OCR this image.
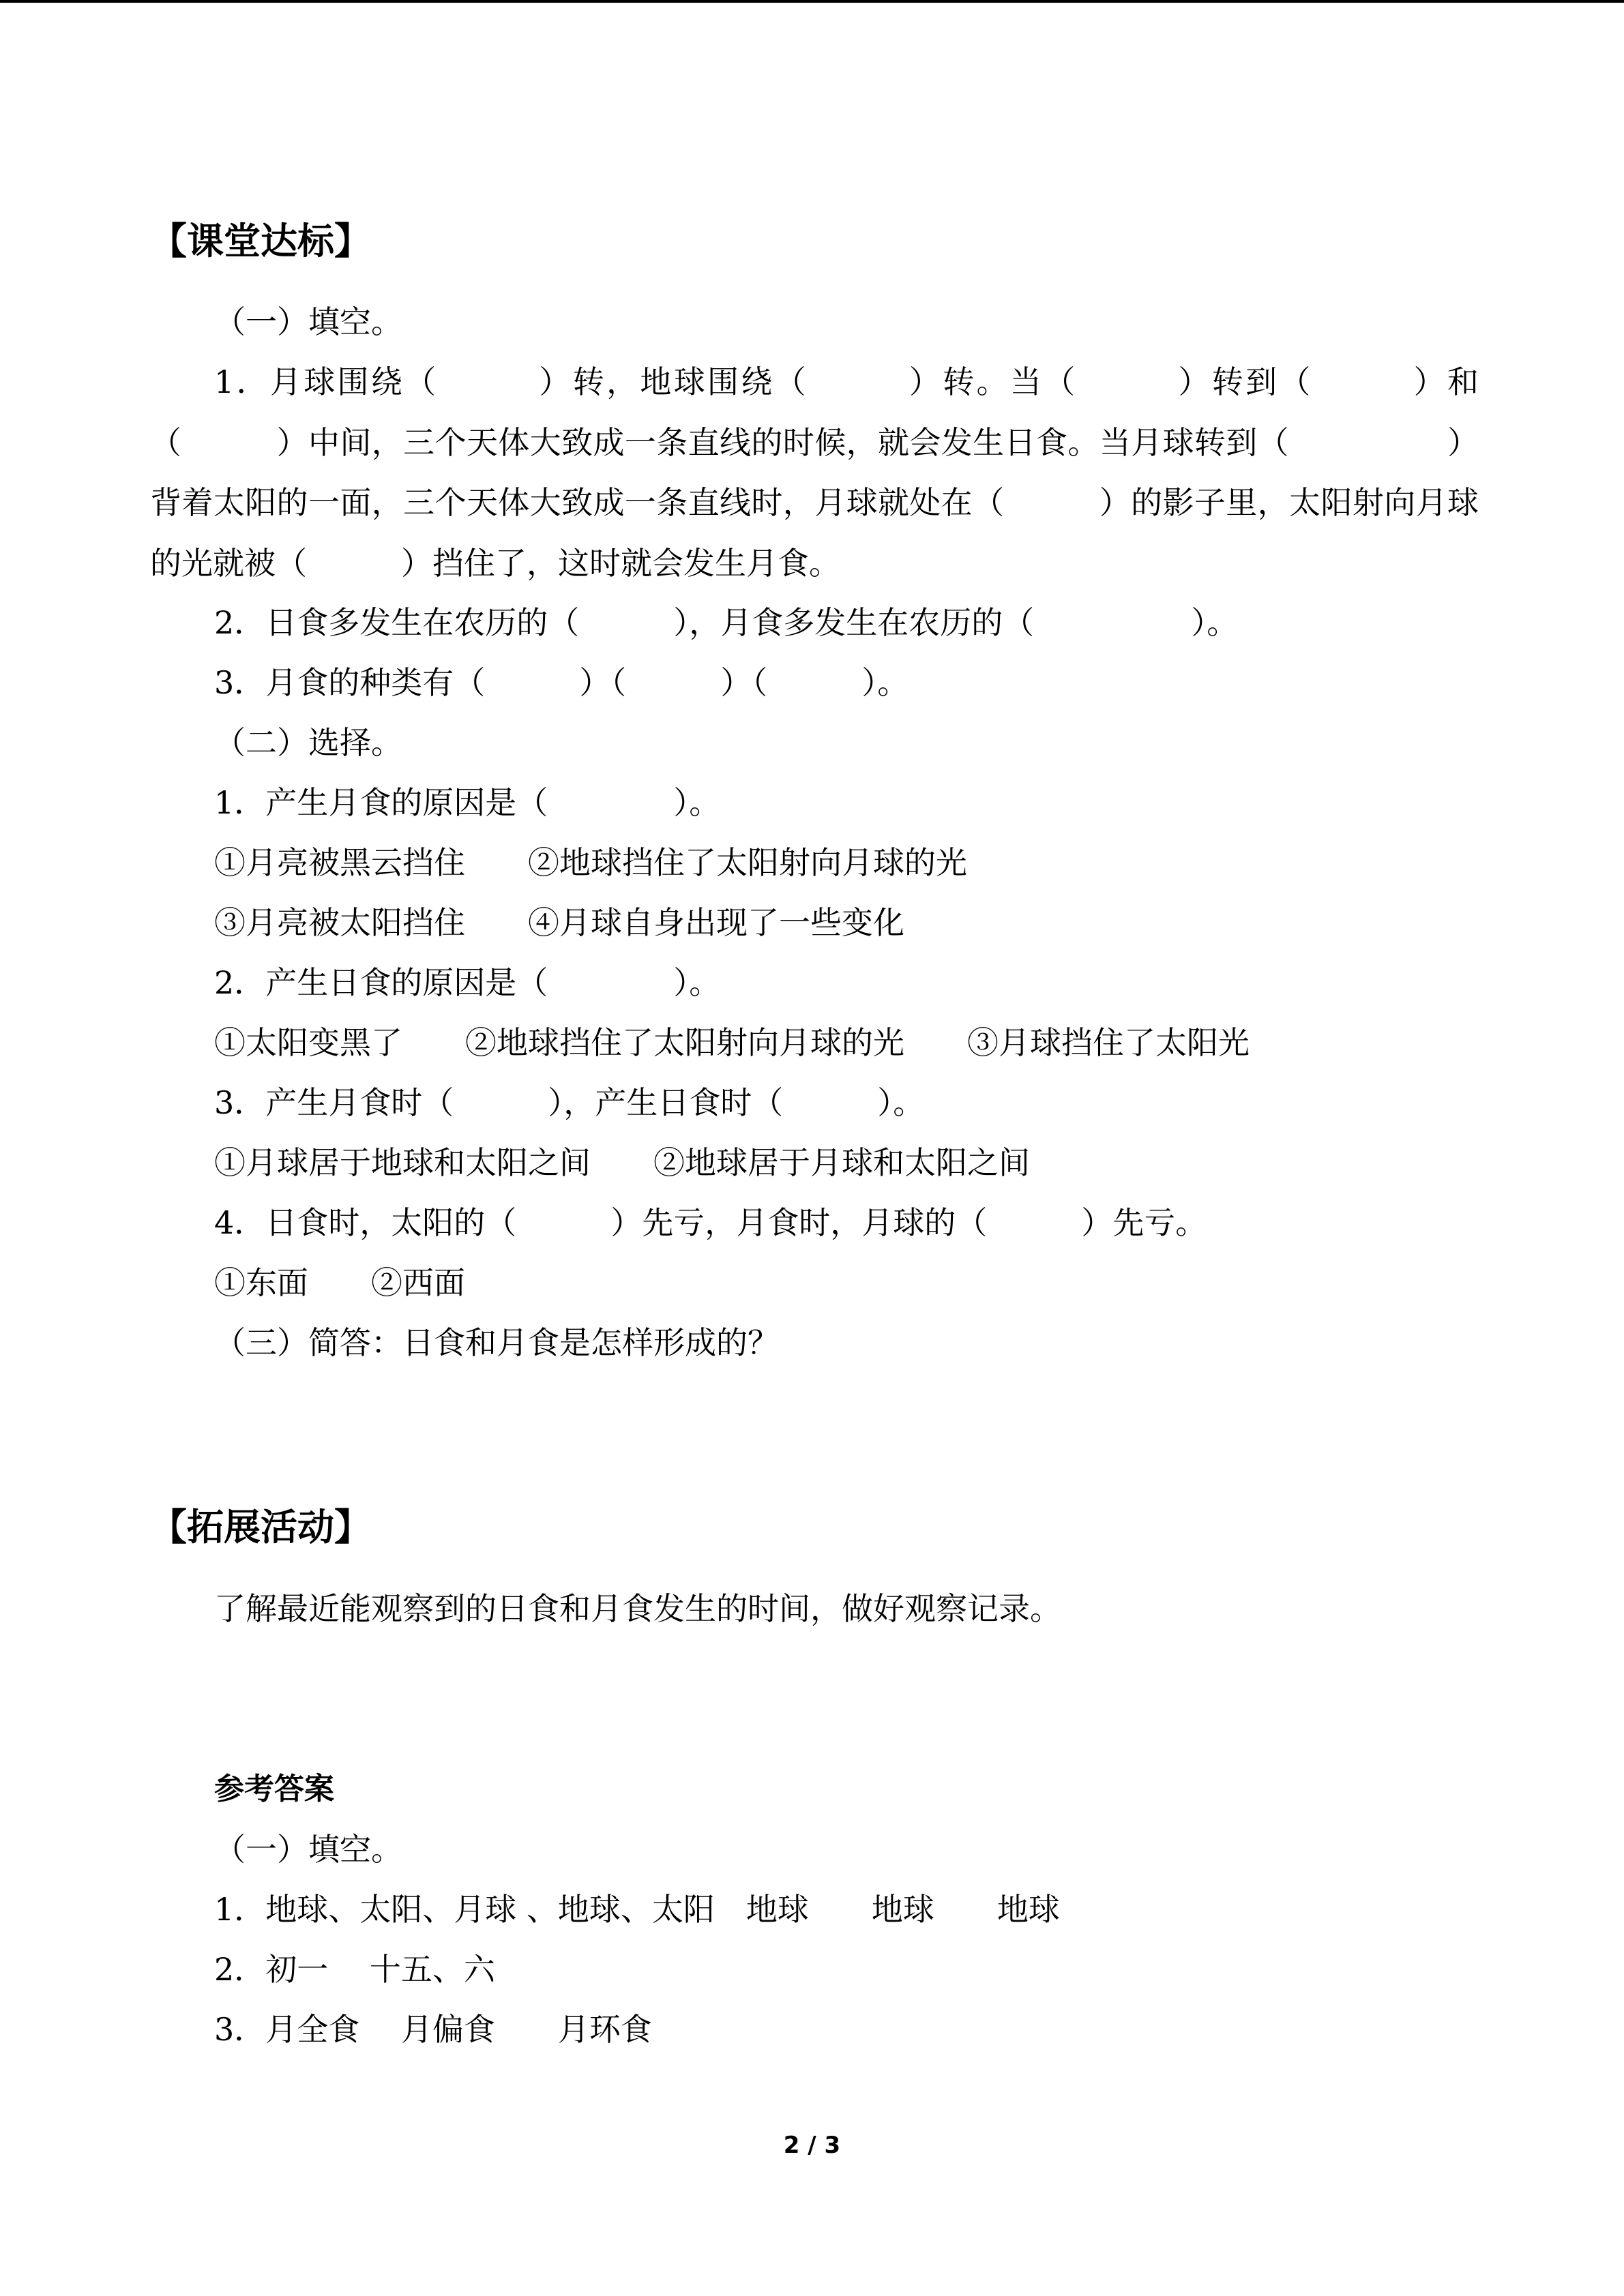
【课堂达标】
（一）填空。

1．月球围绕（　　　）转，地球围绕（　　　）转。当（　　　）转到（　　　）和（　　　）中间，三个天体大致成一条直线的时候，就会发生日食。当月球转到（　　　　　）背着太阳的一面，三个天体大致成一条直线时，月球就处在（　　　）的影子里，太阳射向月球的光就被（　　　）挡住了，这时就会发生月食。

2．日食多发生在农历的（　　　），月食多发生在农历的（　　　　　）。
3．月食的种类有（　　　）（　　　）（　　　）。
（二）选择。
1．产生月食的原因是（　　　　）。
①月亮被黑云挡住　　②地球挡住了太阳射向月球的光
③月亮被太阳挡住　　④月球自身出现了一些变化
2．产生日食的原因是（　　　　）。
①太阳变黑了　　②地球挡住了太阳射向月球的光　　③月球挡住了太阳光
3．产生月食时（　　　），产生日食时（　　　）。
①月球居于地球和太阳之间　　②地球居于月球和太阳之间
4．日食时，太阳的（　　　）先亏，月食时，月球的（　　　）先亏。
①东面　　②西面
（三）简答：日食和月食是怎样形成的？
【拓展活动】
了解最近能观察到的日食和月食发生的时间，做好观察记录。
参考答案
（一）填空。
1．地球、太阳、月球 、地球、太阳　地球　　地球　　地球
2．初一　 十五、六
3．月全食　 月偏食　　月环食
2 / 3
